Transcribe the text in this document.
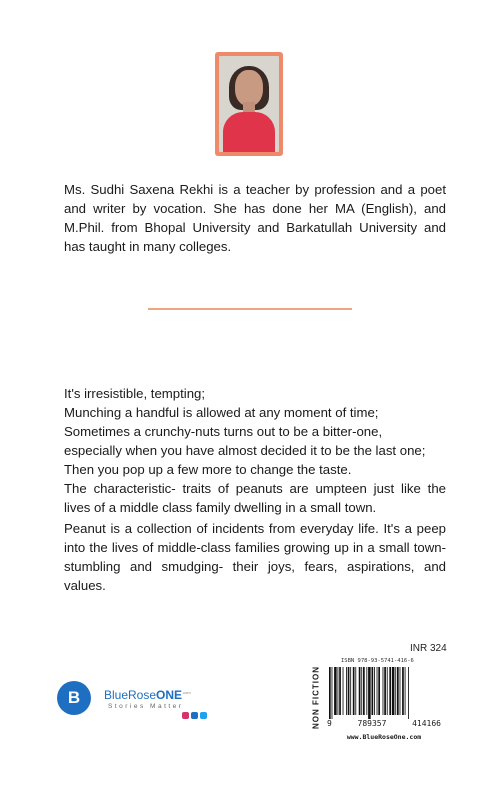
Ms. Sudhi Saxena Rekhi is a teacher by profession and a poet and writer by vocation. She has done her MA (English), and M.Phil. from Bhopal University and Barkatullah University and has taught in many colleges.
It's irresistible, tempting;
Munching a handful is allowed at any moment of time;
Sometimes a crunchy-nuts turns out to be a bitter-one,
especially when you have almost decided it to be the last one;
Then you pop up a few more to change the taste.
The characteristic- traits of peanuts are umpteen just like the lives of a middle class family dwelling in a small town.
Peanut is a collection of incidents from everyday life. It's a peep into the lives of middle-class families growing up in a small town-stumbling and smudging- their joys, fears, aspirations, and values.
INR 324
NON FICTION
ISBN 978-93-5741-416-6
9	789357	414166
www.BlueRoseOne.com
B	BlueRoseONE$^{.com}$
Stories Matter
